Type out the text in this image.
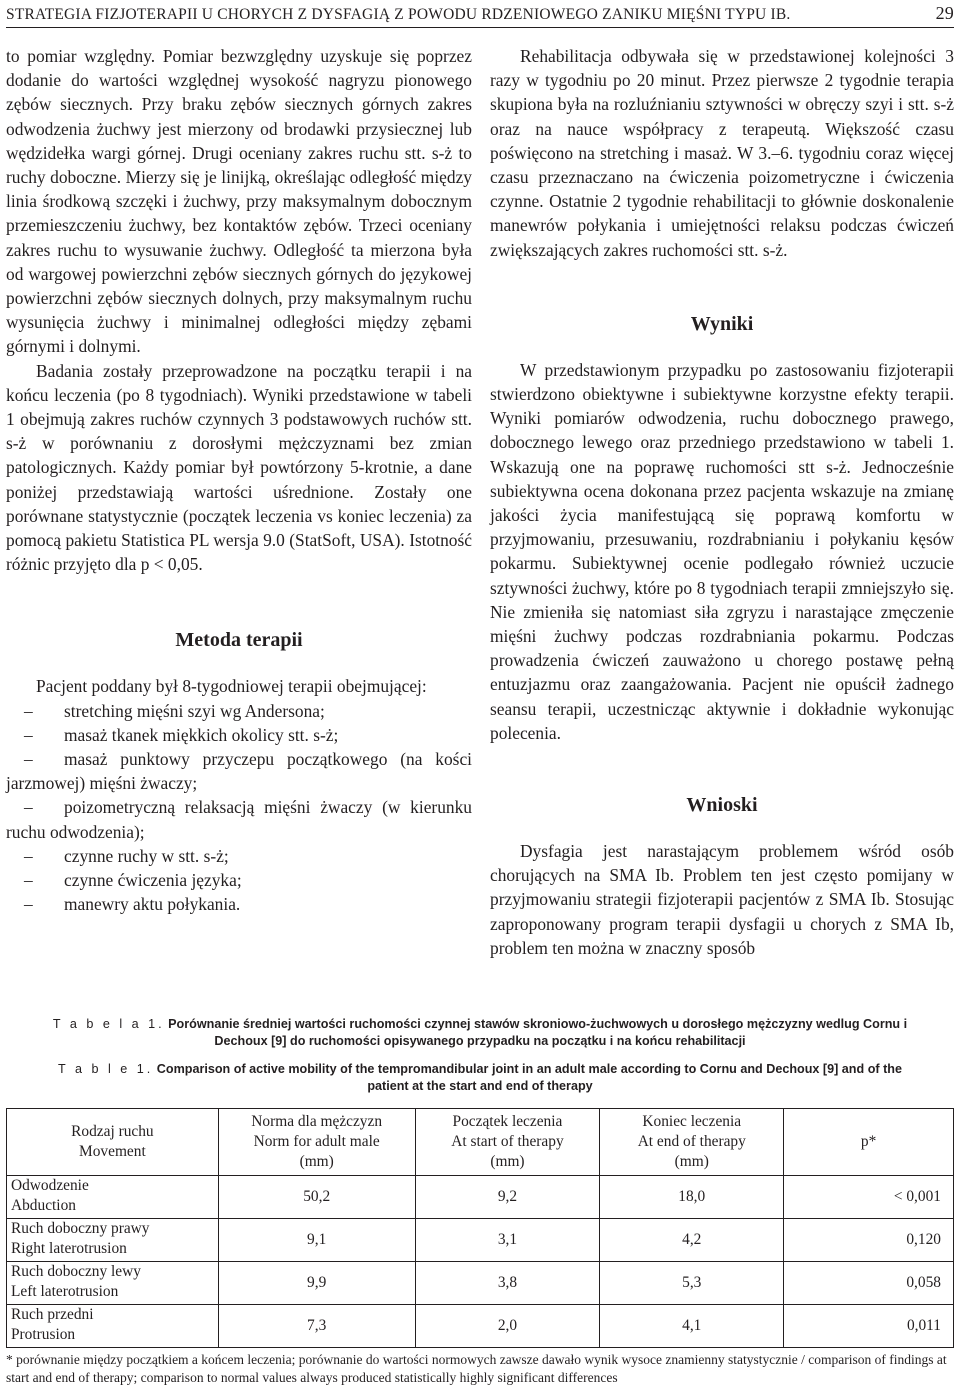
STRATEGIA FIZJOTERAPII U CHORYCH Z DYSFAGIĄ Z POWODU RDZENIOWEGO ZANIKU MIĘŚNI TYPU IB.	29

to pomiar względny. Pomiar bezwzględny uzyskuje się poprzez dodanie do wartości względnej wysokość nagryzu pionowego zębów siecznych. Przy braku zębów siecznych górnych zakres odwodzenia żuchwy jest mierzony od brodawki przysiecznej lub wędzidełka wargi górnej. Drugi oceniany zakres ruchu stt. s-ż to ruchy doboczne. Mierzy się je linijką, określając odległość między linia środkową szczęki i żuchwy, przy maksymalnym dobocznym przemieszczeniu żuchwy, bez kontaktów zębów. Trzeci oceniany zakres ruchu to wysuwanie żuchwy. Odległość ta mierzona była od wargowej powierzchni zębów siecznych górnych do językowej powierzchni zębów siecznych dolnych, przy maksymalnym ruchu wysunięcia żuchwy i minimalnej odległości między zębami górnymi i dolnymi.

Badania zostały przeprowadzone na początku terapii i na końcu leczenia (po 8 tygodniach). Wyniki przedstawione w tabeli 1 obejmują zakres ruchów czynnych 3 podstawowych ruchów stt. s-ż w porównaniu z dorosłymi mężczyznami bez zmian patologicznych. Każdy pomiar był powtórzony 5-krotnie, a dane poniżej przedstawiają wartości uśrednione. Zostały one porównane statystycznie (początek leczenia vs koniec leczenia) za pomocą pakietu Statistica PL wersja 9.0 (StatSoft, USA). Istotność różnic przyjęto dla p < 0,05.

Metoda terapii

Pacjent poddany był 8-tygodniowej terapii obejmującej:

– stretching mięśni szyi wg Andersona;
– masaż tkanek miękkich okolicy stt. s-ż;
– masaż punktowy przyczepu początkowego (na kości jarzmowej) mięśni żwaczy;
– poizometryczną relaksacją mięśni żwaczy (w kierunku ruchu odwodzenia);
– czynne ruchy w stt. s-ż;
– czynne ćwiczenia języka;
– manewry aktu połykania.

Rehabilitacja odbywała się w przedstawionej kolejności 3 razy w tygodniu po 20 minut. Przez pierwsze 2 tygodnie terapia skupiona była na rozluźnianiu sztywności w obręczy szyi i stt. s-ż oraz na nauce współpracy z terapeutą. Większość czasu poświęcono na stretching i masaż. W 3.–6. tygodniu coraz więcej czasu przeznaczano na ćwiczenia poizometryczne i ćwiczenia czynne. Ostatnie 2 tygodnie rehabilitacji to głównie doskonalenie manewrów połykania i umiejętności relaksu podczas ćwiczeń zwiększających zakres ruchomości stt. s-ż.

Wyniki

W przedstawionym przypadku po zastosowaniu fizjoterapii stwierdzono obiektywne i subiektywne korzystne efekty terapii. Wyniki pomiarów odwodzenia, ruchu dobocznego prawego, dobocznego lewego oraz przedniego przedstawiono w tabeli 1. Wskazują one na poprawę ruchomości stt s-ż. Jednocześnie subiektywna ocena dokonana przez pacjenta wskazuje na zmianę jakości życia manifestującą się poprawą komfortu w przyjmowaniu, przesuwaniu, rozdrabnianiu i połykaniu kęsów pokarmu. Subiektywnej ocenie podlegało również uczucie sztywności żuchwy, które po 8 tygodniach terapii zmniejszyło się. Nie zmieniła się natomiast siła zgryzu i narastające zmęczenie mięśni żuchwy podczas rozdrabniania pokarmu. Podczas prowadzenia ćwiczeń zauważono u chorego postawę pełną entuzjazmu oraz zaangażowania. Pacjent nie opuścił żadnego seansu terapii, uczestnicząc aktywnie i dokładnie wykonując polecenia.

Wnioski

Dysfagia jest narastającym problemem wśród osób chorujących na SMA Ib. Problem ten jest często pomijany w przyjmowaniu strategii fizjoterapii pacjentów z SMA Ib. Stosując zaproponowany program terapii dysfagii u chorych z SMA Ib, problem ten można w znaczny sposób

T a b e l a 1. Porównanie średniej wartości ruchomości czynnej stawów skroniowo-żuchwowych u dorosłego mężczyzny wedlug Cornu i Dechoux [9] do ruchomości opisywanego przypadku na początku i na końcu rehabilitacji
T a b l e 1. Comparison of active mobility of the tempromandibular joint in an adult male according to Cornu and Dechoux [9] and of the patient at the start and end of therapy
Rodzaj ruchu
Movement	Norma dla mężczyzn
Norm for adult male
(mm)	Początek leczenia
At start of therapy
(mm)	Koniec leczenia
At end of therapy
(mm)	p*
Odwodzenie
Abduction	50,2	9,2	18,0	< 0,001
Ruch doboczny prawy
Right laterotrusion	9,1	3,1	4,2	0,120
Ruch doboczny lewy
Left laterotrusion	9,9	3,8	5,3	0,058
Ruch przedni
Protrusion	7,3	2,0	4,1	0,011
* porównanie między początkiem a końcem leczenia; porównanie do wartości normowych zawsze dawało wynik wysoce znamienny statystycznie / comparison of findings at start and end of therapy; comparison to normal values always produced statistically highly significant differences
